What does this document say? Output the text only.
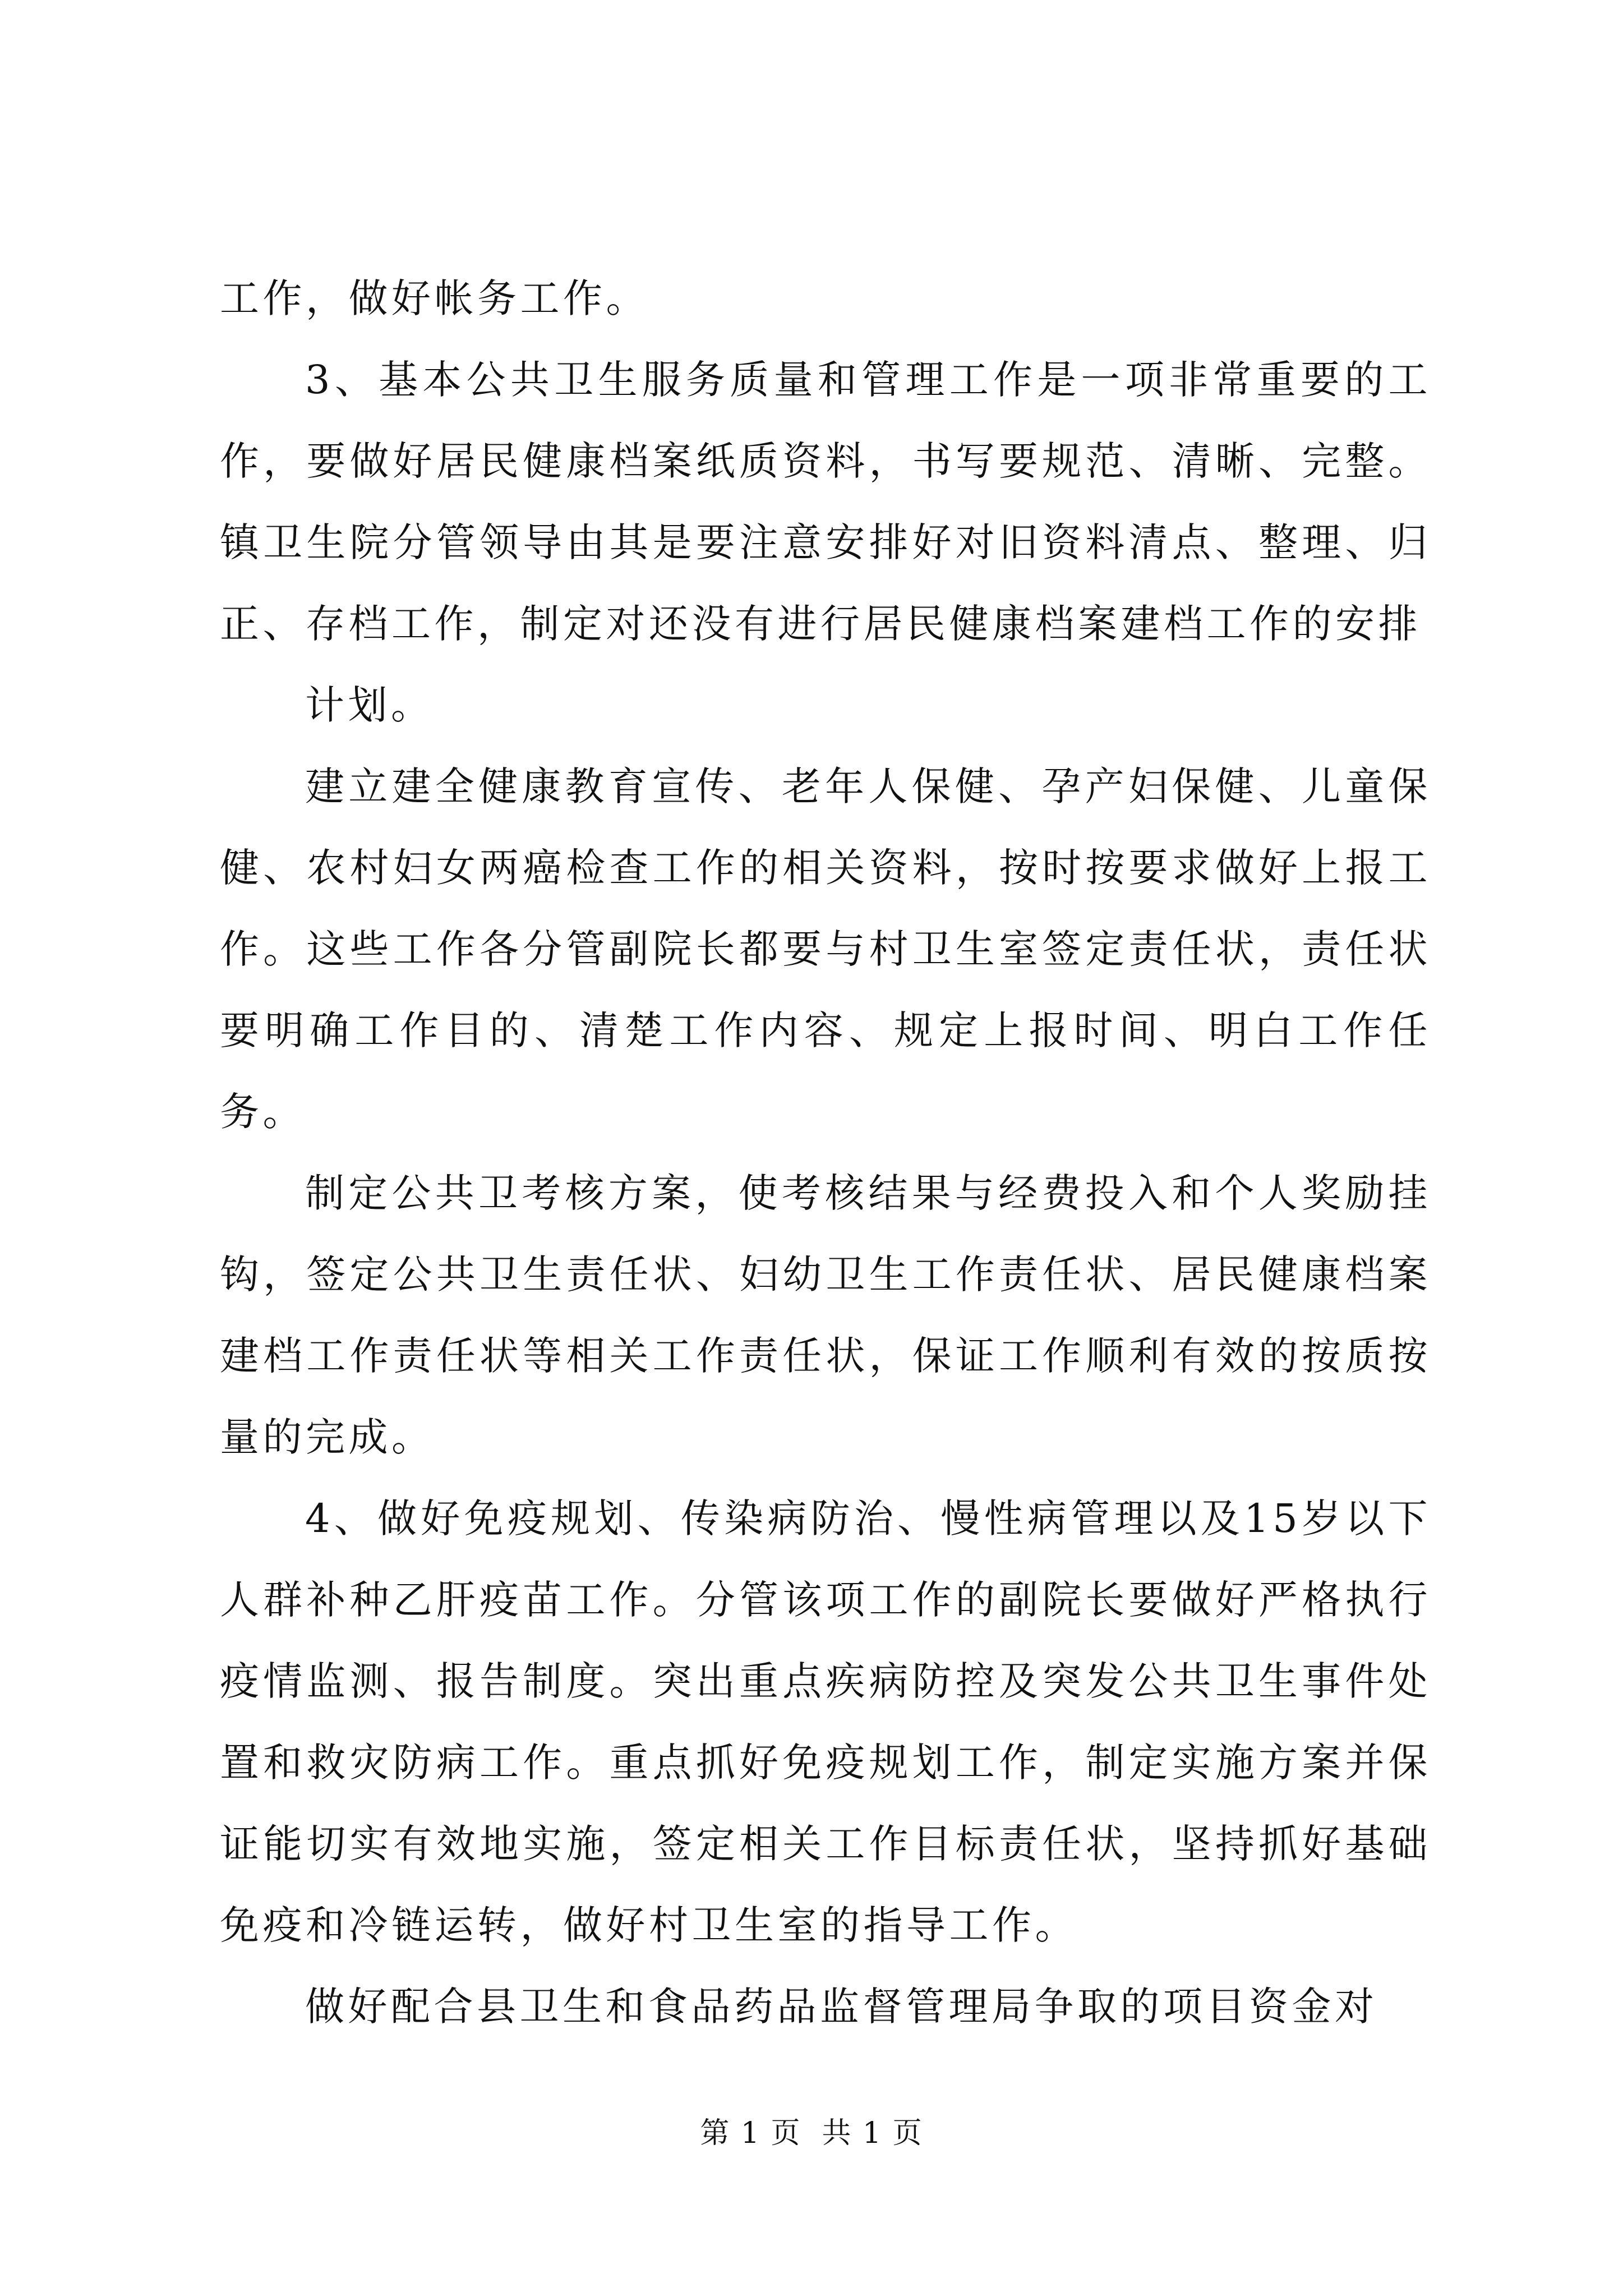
工作，做好帐务工作。

3、基本公共卫生服务质量和管理工作是一项非常重要的工作，要做好居民健康档案纸质资料，书写要规范、清晰、完整。镇卫生院分管领导由其是要注意安排好对旧资料清点、整理、归正、存档工作，制定对还没有进行居民健康档案建档工作的安排

计划。

建立建全健康教育宣传、老年人保健、孕产妇保健、儿童保健、农村妇女两癌检查工作的相关资料，按时按要求做好上报工作。这些工作各分管副院长都要与村卫生室签定责任状，责任状要明确工作目的、清楚工作内容、规定上报时间、明白工作任务。

制定公共卫考核方案，使考核结果与经费投入和个人奖励挂钩，签定公共卫生责任状、妇幼卫生工作责任状、居民健康档案建档工作责任状等相关工作责任状，保证工作顺利有效的按质按量的完成。

4、做好免疫规划、传染病防治、慢性病管理以及15岁以下人群补种乙肝疫苗工作。分管该项工作的副院长要做好严格执行疫情监测、报告制度。突出重点疾病防控及突发公共卫生事件处置和救灾防病工作。重点抓好免疫规划工作，制定实施方案并保证能切实有效地实施，签定相关工作目标责任状，坚持抓好基础免疫和冷链运转，做好村卫生室的指导工作。

做好配合县卫生和食品药品监督管理局争取的项目资金对

第 1 页  共 1 页
